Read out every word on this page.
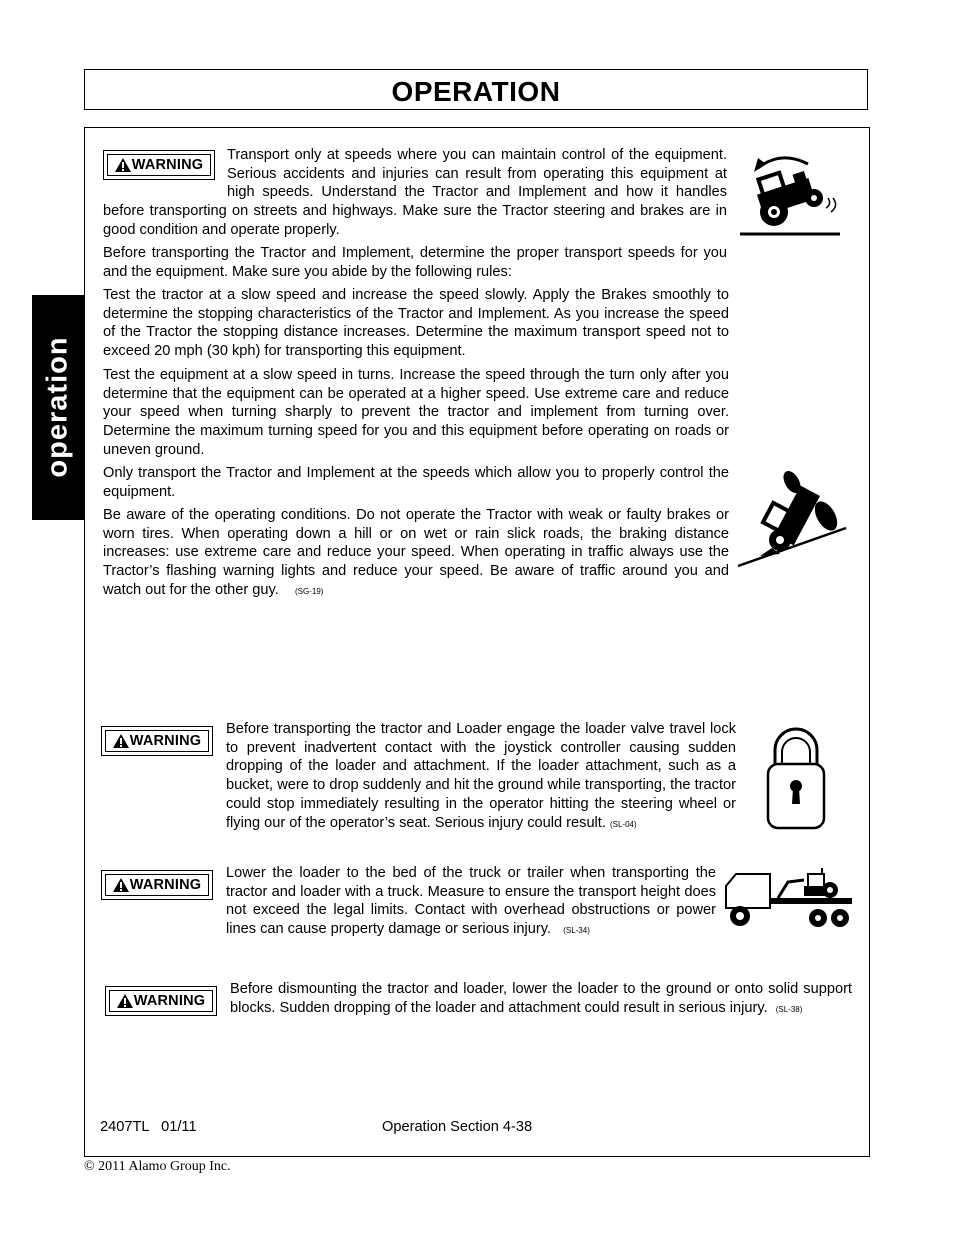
OPERATION
operation
WARNING
Transport only at speeds where you can maintain control of the equipment. Serious accidents and injuries can result from operating this equipment at high speeds. Understand the Tractor and Implement and how it handles before transporting on streets and highways. Make sure the Tractor steering and brakes are in good condition and operate properly.
Before transporting the Tractor and Implement, determine the proper transport speeds for you and the equipment. Make sure you abide by the following rules:
Test the tractor at a slow speed and increase the speed slowly. Apply the Brakes smoothly to determine the stopping characteristics of the Tractor and Implement. As you increase the speed of the Tractor the stopping distance increases. Determine the maximum transport speed not to exceed 20 mph (30 kph) for transporting this equipment.
Test the equipment at a slow speed in turns. Increase the speed through the turn only after you determine that the equipment can be operated at a higher speed. Use extreme care and reduce your speed when turning sharply to prevent the tractor and implement from turning over. Determine the maximum turning speed for you and this equipment before operating on roads or uneven ground.
Only transport the Tractor and Implement at the speeds which allow you to properly control the equipment.
Be aware of the operating conditions. Do not operate the Tractor with weak or faulty brakes or worn tires. When operating down a hill or on wet or rain slick roads, the braking distance increases: use extreme care and reduce your speed. When operating in traffic always use the Tractor’s flashing warning lights and reduce your speed. Be aware of traffic around you and watch out for the other guy. (SG-19)
WARNING
Before transporting the tractor and Loader engage the loader valve travel lock to prevent inadvertent contact with the joystick controller causing sudden dropping of the loader and attachment. If the loader attachment, such as a bucket, were to drop suddenly and hit the ground while transporting, the tractor could stop immediately resulting in the operator hitting the steering wheel or flying our of the operator’s seat. Serious injury could result. (SL-04)
WARNING
Lower the loader to the bed of the truck or trailer when transporting the tractor and loader with a truck. Measure to ensure the transport height does not exceed the legal limits. Contact with overhead obstructions or power lines can cause property damage or serious injury. (SL-34)
WARNING
Before dismounting the tractor and loader, lower the loader to the ground or onto solid support blocks. Sudden dropping of the loader and attachment could result in serious injury. (SL-38)
2407TL   01/11	Operation Section 4-38
© 2011 Alamo Group Inc.
